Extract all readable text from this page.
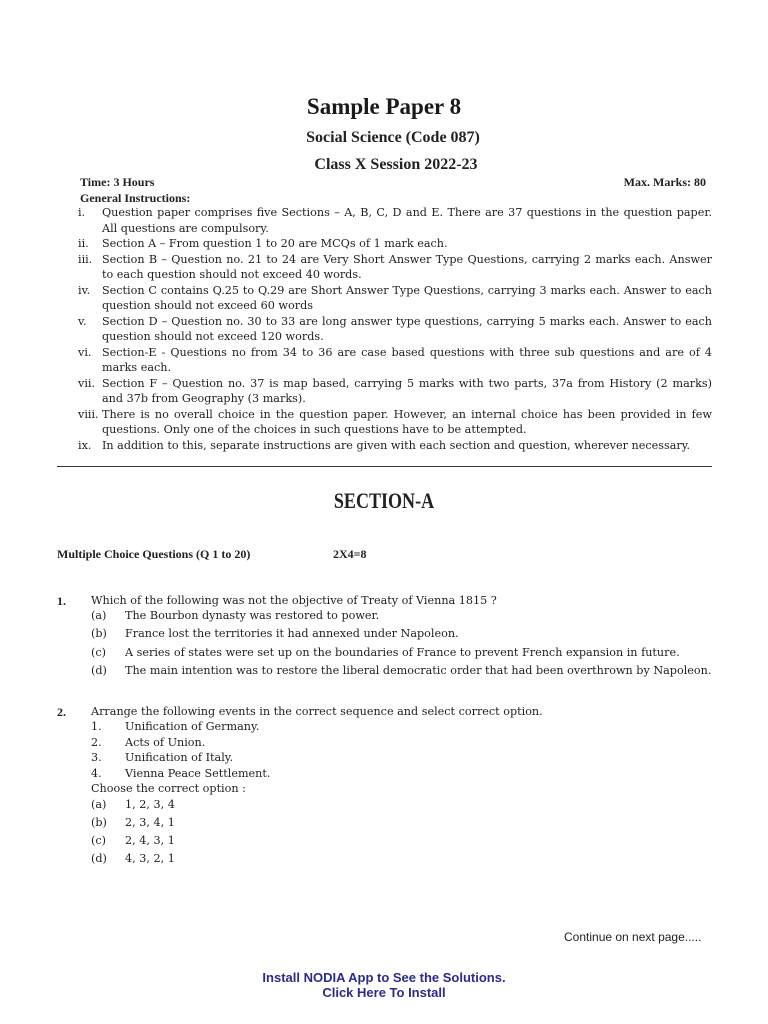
Sample Paper 8
Social Science (Code 087)
Class X Session 2022-23
Time: 3 Hours	Max. Marks: 80
General Instructions:
i. Question paper comprises five Sections – A, B, C, D and E. There are 37 questions in the question paper. All questions are compulsory.
ii. Section A – From question 1 to 20 are MCQs of 1 mark each.
iii. Section B – Question no. 21 to 24 are Very Short Answer Type Questions, carrying 2 marks each. Answer to each question should not exceed 40 words.
iv. Section C contains Q.25 to Q.29 are Short Answer Type Questions, carrying 3 marks each. Answer to each question should not exceed 60 words
v. Section D – Question no. 30 to 33 are long answer type questions, carrying 5 marks each. Answer to each question should not exceed 120 words.
vi. Section-E - Questions no from 34 to 36 are case based questions with three sub questions and are of 4 marks each.
vii. Section F – Question no. 37 is map based, carrying 5 marks with two parts, 37a from History (2 marks) and 37b from Geography (3 marks).
viii. There is no overall choice in the question paper. However, an internal choice has been provided in few questions. Only one of the choices in such questions have to be attempted.
ix. In addition to this, separate instructions are given with each section and question, wherever necessary.
SECTION-A
Multiple Choice Questions (Q 1 to 20)	2X4=8
1. Which of the following was not the objective of Treaty of Vienna 1815 ?
(a) The Bourbon dynasty was restored to power.
(b) France lost the territories it had annexed under Napoleon.
(c) A series of states were set up on the boundaries of France to prevent French expansion in future.
(d) The main intention was to restore the liberal democratic order that had been overthrown by Napoleon.
2. Arrange the following events in the correct sequence and select correct option.
1. Unification of Germany.
2. Acts of Union.
3. Unification of Italy.
4. Vienna Peace Settlement.
Choose the correct option :
(a) 1, 2, 3, 4
(b) 2, 3, 4, 1
(c) 2, 4, 3, 1
(d) 4, 3, 2, 1
Continue on next page.....
Install NODIA App to See the Solutions.
Click Here To Install
